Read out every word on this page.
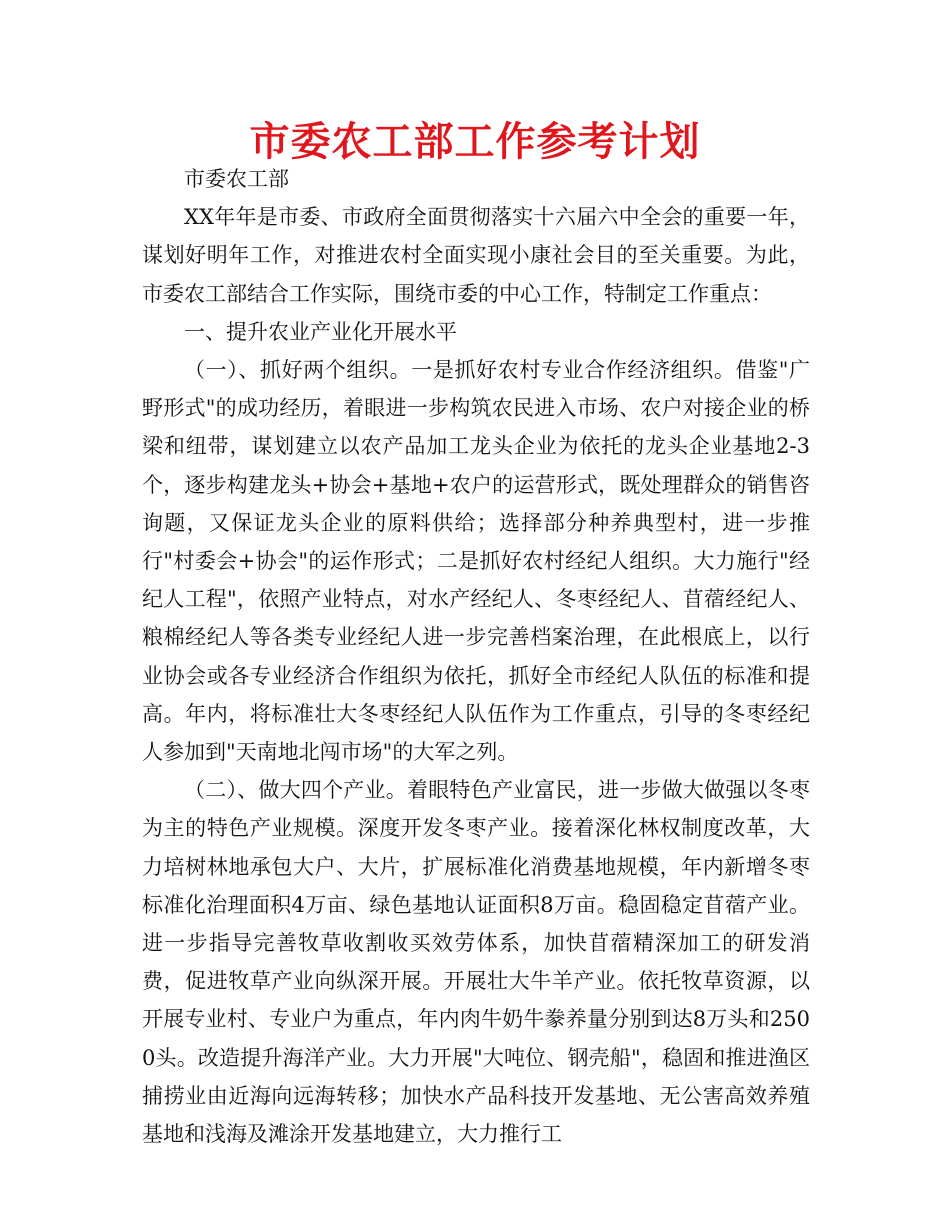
市委农工部工作参考计划

市委农工部

XX年年是市委、市政府全面贯彻落实十六届六中全会的重要一年，谋划好明年工作，对推进农村全面实现小康社会目的至关重要。为此，市委农工部结合工作实际，围绕市委的中心工作，特制定工作重点：

一、提升农业产业化开展水平

（一）、抓好两个组织。一是抓好农村专业合作经济组织。借鉴"广野形式"的成功经历，着眼进一步构筑农民进入市场、农户对接企业的桥梁和纽带，谋划建立以农产品加工龙头企业为依托的龙头企业基地2-3个，逐步构建龙头+协会+基地+农户的运营形式，既处理群众的销售咨询题，又保证龙头企业的原料供给；选择部分种养典型村，进一步推行"村委会+协会"的运作形式；二是抓好农村经纪人组织。大力施行"经纪人工程"，依照产业特点，对水产经纪人、冬枣经纪人、苜蓿经纪人、粮棉经纪人等各类专业经纪人进一步完善档案治理，在此根底上，以行业协会或各专业经济合作组织为依托，抓好全市经纪人队伍的标准和提高。年内，将标准壮大冬枣经纪人队伍作为工作重点，引导的冬枣经纪人参加到"天南地北闯市场"的大军之列。

（二）、做大四个产业。着眼特色产业富民，进一步做大做强以冬枣为主的特色产业规模。深度开发冬枣产业。接着深化林权制度改革，大力培树林地承包大户、大片，扩展标准化消费基地规模，年内新增冬枣标准化治理面积4万亩、绿色基地认证面积8万亩。稳固稳定苜蓿产业。进一步指导完善牧草收割收买效劳体系，加快苜蓿精深加工的研发消费，促进牧草产业向纵深开展。开展壮大牛羊产业。依托牧草资源，以开展专业村、专业户为重点，年内肉牛奶牛豢养量分别到达8万头和2500头。改造提升海洋产业。大力开展"大吨位、钢壳船"，稳固和推进渔区捕捞业由近海向远海转移；加快水产品科技开发基地、无公害高效养殖基地和浅海及滩涂开发基地建立，大力推行工
